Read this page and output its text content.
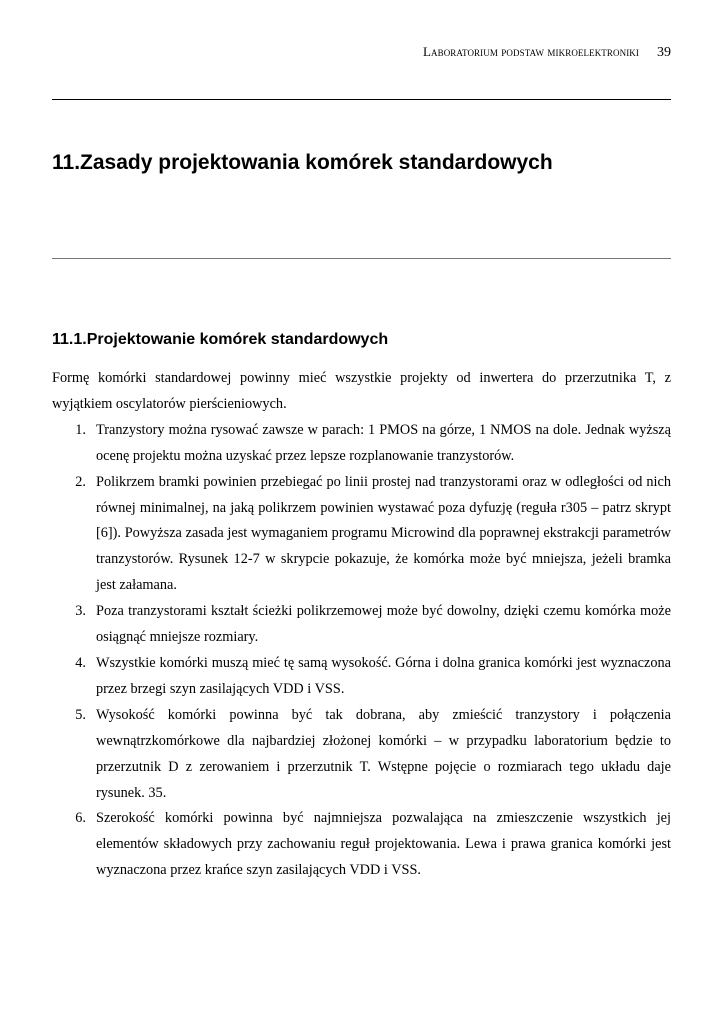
Laboratorium podstaw mikroelektroniki 39
11.Zasady projektowania komórek standardowych
11.1.Projektowanie komórek standardowych

Formę komórki standardowej powinny mieć wszystkie projekty od inwertera do przerzutnika T, z wyjątkiem oscylatorów pierścieniowych.

1. Tranzystory można rysować zawsze w parach: 1 PMOS na górze, 1 NMOS na dole. Jednak wyższą ocenę projektu można uzyskać przez lepsze rozplanowanie tranzystorów.
2. Polikrzem bramki powinien przebiegać po linii prostej nad tranzystorami oraz w odległości od nich równej minimalnej, na jaką polikrzem powinien wystawać poza dyfuzję (reguła r305 – patrz skrypt [6]). Powyższa zasada jest wymaganiem programu Microwind dla poprawnej ekstrakcji parametrów tranzystorów. Rysunek 12-7 w skrypcie pokazuje, że komórka może być mniejsza, jeżeli bramka jest załamana.
3. Poza tranzystorami kształt ścieżki polikrzemowej może być dowolny, dzięki czemu komórka może osiągnąć mniejsze rozmiary.
4. Wszystkie komórki muszą mieć tę samą wysokość. Górna i dolna granica komórki jest wyznaczona przez brzegi szyn zasilających VDD i VSS.
5. Wysokość komórki powinna być tak dobrana, aby zmieścić tranzystory i połączenia wewnątrzkomórkowe dla najbardziej złożonej komórki – w przypadku laboratorium będzie to przerzutnik D z zerowaniem i przerzutnik T. Wstępne pojęcie o rozmiarach tego układu daje rysunek. 35.
6. Szerokość komórki powinna być najmniejsza pozwalająca na zmieszczenie wszystkich jej elementów składowych przy zachowaniu reguł projektowania. Lewa i prawa granica komórki jest wyznaczona przez krańce szyn zasilających VDD i VSS.
